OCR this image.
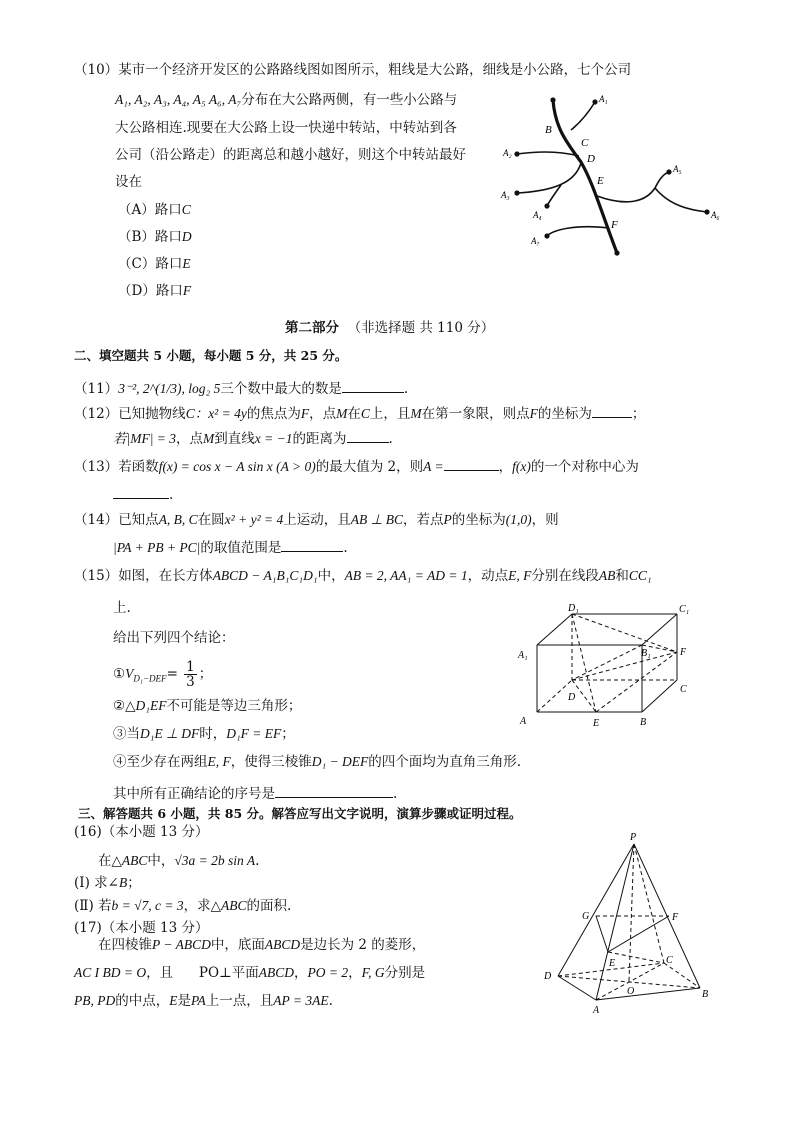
（10）某市一个经济开发区的公路路线图如图所示，粗线是大公路，细线是小公路，七个公司
A₁, A₂, A₃, A₄, A₅ A₆, A₇分布在大公路两侧，有一些小公路与
大公路相连.现要在大公路上设一快递中转站，中转站到各
公司（沿公路走）的距离总和越小越好，则这个中转站最好
设在
（A）路口C
（B）路口D
（C）路口E
（D）路口F
A₁
B
C
D
A₂
E
A₅
A₃
A₄	A₆
F
A₇
第二部分 （非选择题 共 110 分）
二、填空题共 5 小题，每小题 5 分，共 25 分。
（11）3⁻², 2^(1/3), log₂ 5三个数中最大的数是	.
（12）已知抛物线C：x² = 4y的焦点为F，点M在C上，且M在第一象限，则点F的坐标为	；
若|MF| = 3，点M到直线x = −1的距离为	.
（13）若函数f(x) = cos x − A sin x (A > 0)的最大值为 2，则A =	，f(x)的一个对称中心为
.
（14）已知点A, B, C在圆x² + y² = 4上运动，且AB ⊥ BC，若点P的坐标为(1,0)，则
|PA + PB + PC|的取值范围是	.
（15）如图，在长方体ABCD − A₁B₁C₁D₁中，AB = 2, AA₁ = AD = 1，动点E, F分别在线段AB和CC₁
上.
给出下列四个结论：
$①V_{D_1-DEF}= \frac{1}{3}$ ；
②△D₁EF不可能是等边三角形；
③当D₁E ⊥ DF时，D₁F = EF；
④至少存在两组E, F，使得三棱锥D₁ − DEF的四个面均为直角三角形.
其中所有正确结论的序号是	.
D₁	C₁
A₁	B₁	F
D
C
A	E	B
三、解答题共 6 小题，共 85 分。解答应写出文字说明，演算步骤或证明过程。
(16)（本小题 13 分）
在△ABC中，√3a = 2b sin A.
(Ⅰ) 求∠B；
(Ⅱ) 若b = √7, c = 3，求△ABC的面积.
(17)（本小题 13 分）
在四棱锥P − ABCD中，底面ABCD是边长为 2 的菱形，
AC I BD = O，且 PO⊥平面ABCD，PO = 2，F, G分别是
PB, PD的中点，E是PA上一点，且AP = 3AE.
P
G	F
E	C
D
O	B
A
